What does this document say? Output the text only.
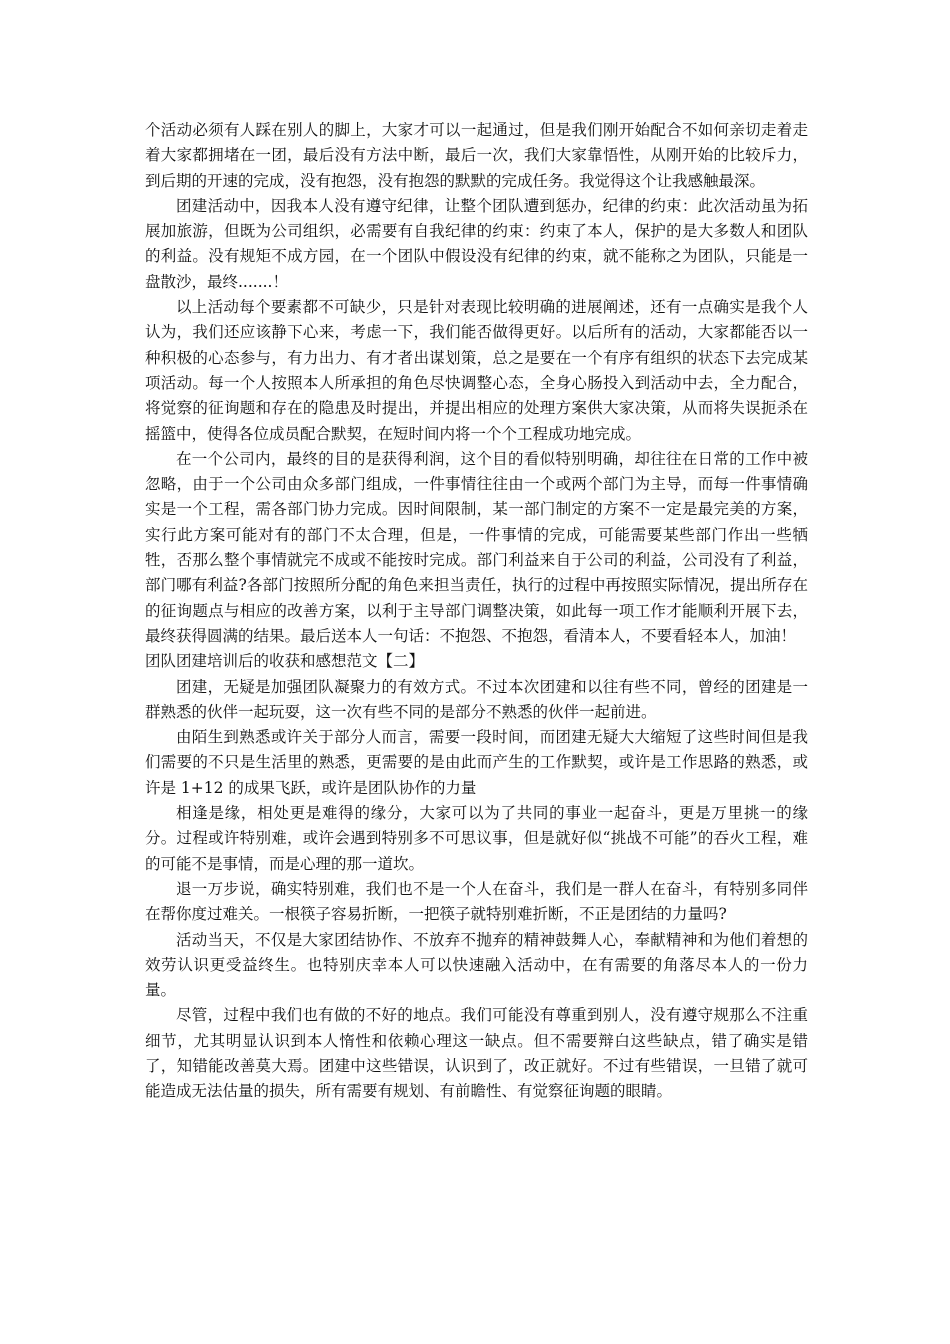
个活动必须有人踩在别人的脚上，大家才可以一起通过，但是我们刚开始配合不如何亲切走着走着大家都拥堵在一团，最后没有方法中断，最后一次，我们大家靠悟性，从刚开始的比较斥力，到后期的开速的完成，没有抱怨，没有抱怨的默默的完成任务。我觉得这个让我感触最深。

团建活动中，因我本人没有遵守纪律，让整个团队遭到惩办，纪律的约束：此次活动虽为拓展加旅游，但既为公司组织，必需要有自我纪律的约束：约束了本人，保护的是大多数人和团队的利益。没有规矩不成方园，在一个团队中假设没有纪律的约束，就不能称之为团队，只能是一盘散沙，最终.......！

以上活动每个要素都不可缺少，只是针对表现比较明确的进展阐述，还有一点确实是我个人认为，我们还应该静下心来，考虑一下，我们能否做得更好。以后所有的活动，大家都能否以一种积极的心态参与，有力出力、有才者出谋划策，总之是要在一个有序有组织的状态下去完成某项活动。每一个人按照本人所承担的角色尽快调整心态，全身心肠投入到活动中去，全力配合，将觉察的征询题和存在的隐患及时提出，并提出相应的处理方案供大家决策，从而将失误扼杀在摇篮中，使得各位成员配合默契，在短时间内将一个个工程成功地完成。

在一个公司内，最终的目的是获得利润，这个目的看似特别明确，却往往在日常的工作中被忽略，由于一个公司由众多部门组成，一件事情往往由一个或两个部门为主导，而每一件事情确实是一个工程，需各部门协力完成。因时间限制，某一部门制定的方案不一定是最完美的方案，实行此方案可能对有的部门不太合理，但是，一件事情的完成，可能需要某些部门作出一些牺牲，否那么整个事情就完不成或不能按时完成。部门利益来自于公司的利益，公司没有了利益，部门哪有利益?各部门按照所分配的角色来担当责任，执行的过程中再按照实际情况，提出所存在的征询题点与相应的改善方案，以利于主导部门调整决策，如此每一项工作才能顺利开展下去，最终获得圆满的结果。最后送本人一句话：不抱怨、不抱怨，看清本人，不要看轻本人，加油！

团队团建培训后的收获和感想范文【二】

团建，无疑是加强团队凝聚力的有效方式。不过本次团建和以往有些不同，曾经的团建是一群熟悉的伙伴一起玩耍，这一次有些不同的是部分不熟悉的伙伴一起前进。

由陌生到熟悉或许关于部分人而言，需要一段时间，而团建无疑大大缩短了这些时间但是我们需要的不只是生活里的熟悉，更需要的是由此而产生的工作默契，或许是工作思路的熟悉，或许是 1+12 的成果飞跃，或许是团队协作的力量

相逢是缘，相处更是难得的缘分，大家可以为了共同的事业一起奋斗，更是万里挑一的缘分。过程或许特别难，或许会遇到特别多不可思议事，但是就好似“挑战不可能”的吞火工程，难的可能不是事情，而是心理的那一道坎。

退一万步说，确实特别难，我们也不是一个人在奋斗，我们是一群人在奋斗，有特别多同伴在帮你度过难关。一根筷子容易折断，一把筷子就特别难折断，不正是团结的力量吗?

活动当天，不仅是大家团结协作、不放弃不抛弃的精神鼓舞人心，奉献精神和为他们着想的效劳认识更受益终生。也特别庆幸本人可以快速融入活动中，在有需要的角落尽本人的一份力量。

尽管，过程中我们也有做的不好的地点。我们可能没有尊重到别人，没有遵守规那么不注重细节，尤其明显认识到本人惰性和依赖心理这一缺点。但不需要辩白这些缺点，错了确实是错了，知错能改善莫大焉。团建中这些错误，认识到了，改正就好。不过有些错误，一旦错了就可能造成无法估量的损失，所有需要有规划、有前瞻性、有觉察征询题的眼睛。
